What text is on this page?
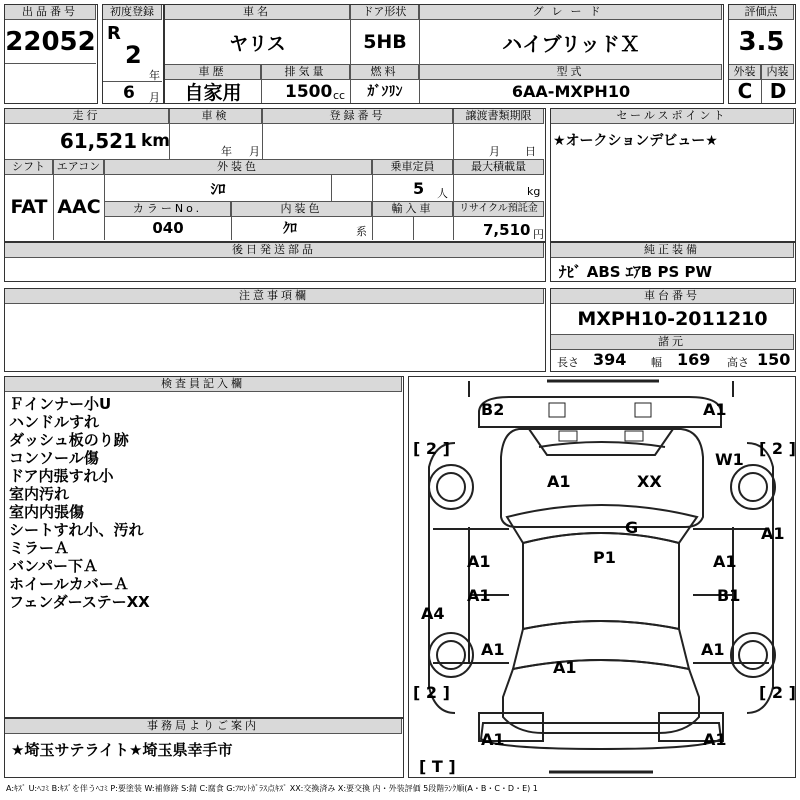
出品番号
22052
初度登録
R
2
年
6 月
車名
ヤリス
ドア形状
5HB
グレード
ハイブリッドＸ
車歴
自家用
排気量
1500 cc
燃料
ｶﾞｿﾘﾝ
型式
6AA-MXPH10
評価点
3.5
外装	内装
C D
走行
61,521 km
車検
年 月
登録番号	譲渡書類期限
月 日
シフト
FAT
エアコン
AAC
外装色
ｼﾛ
乗車定員
5 人
最大積載量
kg
カラーNo.
040
内装色
ｸﾛ	系
輸入車	リサイクル預託金
7,510 円
後日発送部品
セールスポイント
★オークションデビュー★
純正装備
ﾅﾋﾞ ABS ｴｱB PS PW
注意事項欄	車台番号
MXPH10-2011210
諸元
長さ 394 幅 169 高さ 150
検査員記入欄
Ｆインナー小U
ハンドルすれ
ダッシュ板のり跡
コンソール傷
ドア内張すれ小
室内汚れ
室内内張傷
シートすれ小、汚れ
ミラーＡ
バンパー下Ａ
ホイールカバーＡ
フェンダーステーXX
事務局よりご案内
★埼玉サテライト★埼玉県幸手市
B2	A1
[ 2 ]	[ 2 ]
W1
A1	XX
G	A1
A1	A1
P1
A1	B1
A4
A1	A1
A1
[ 2 ]	[ 2 ]
A1	A1
[ T ]
A:ｷｽﾞ U:ﾍｺﾐ B:ｷｽﾞを伴うﾍｺﾐ P:要塗装 W:補修跡 S:錆 C:腐食 G:ﾌﾛﾝﾄｶﾞﾗｽ点ｷｽﾞ XX:交換済み X:要交換 内・外装評価 5段階ﾗﾝｸ順(A・B・C・D・E) 1
